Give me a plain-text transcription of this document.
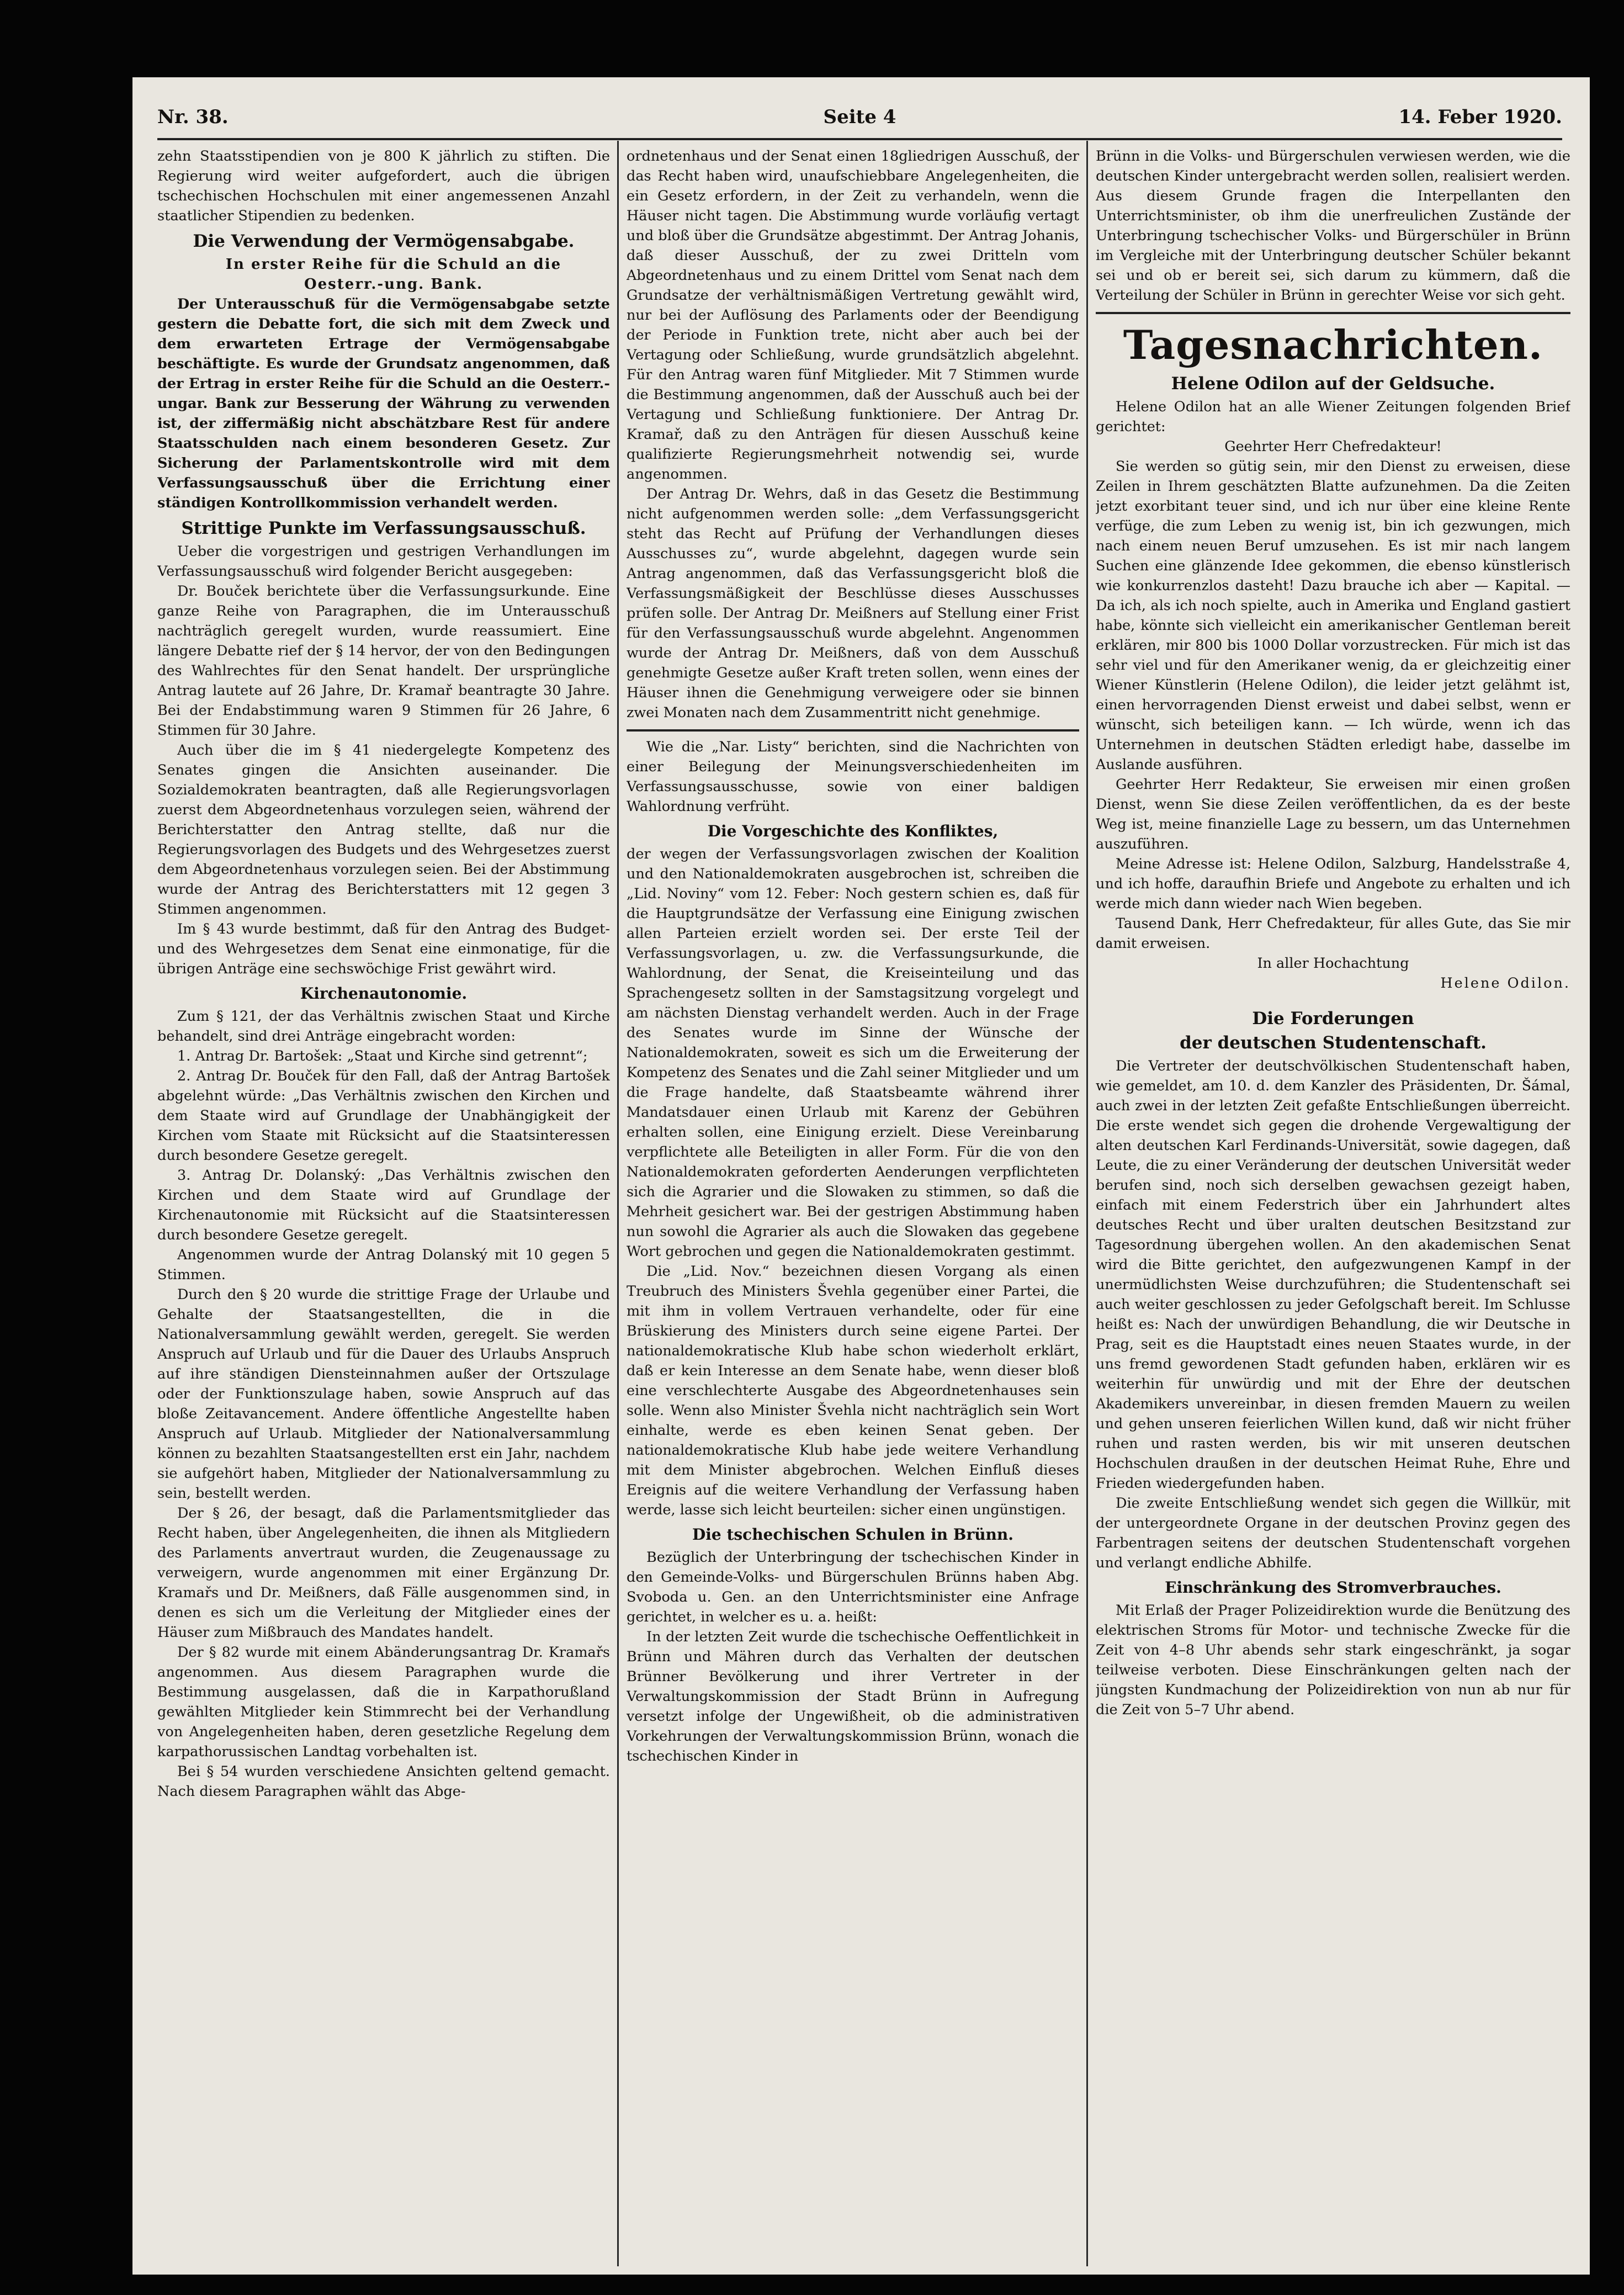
Nr. 38.	Seite 4	14. Feber 1920.

zehn Staatsstipendien von je 800 K jährlich zu stiften. Die Regierung wird weiter aufgefordert, auch die übrigen tschechischen Hochschulen mit einer angemessenen Anzahl staatlicher Stipendien zu bedenken.

Die Verwendung der Vermögensabgabe.

In erster Reihe für die Schuld an die

Oesterr.-ung. Bank.

Der Unterausschuß für die Vermögensabgabe setzte gestern die Debatte fort, die sich mit dem Zweck und dem erwarteten Ertrage der Vermögensabgabe beschäftigte. Es wurde der Grundsatz angenommen, daß der Ertrag in erster Reihe für die Schuld an die Oesterr.-ungar. Bank zur Besserung der Währung zu verwenden ist, der ziffermäßig nicht abschätzbare Rest für andere Staatsschulden nach einem besonderen Gesetz. Zur Sicherung der Parlamentskontrolle wird mit dem Verfassungsausschuß über die Errichtung einer ständigen Kontrollkommission verhandelt werden.

Strittige Punkte im Verfassungsausschuß.

Ueber die vorgestrigen und gestrigen Verhandlungen im Verfassungsausschuß wird folgender Bericht ausgegeben:

Dr. Bouček berichtete über die Verfassungsurkunde. Eine ganze Reihe von Paragraphen, die im Unterausschuß nachträglich geregelt wurden, wurde reassumiert. Eine längere Debatte rief der § 14 hervor, der von den Bedingungen des Wahlrechtes für den Senat handelt. Der ursprüngliche Antrag lautete auf 26 Jahre, Dr. Kramař beantragte 30 Jahre. Bei der Endabstimmung waren 9 Stimmen für 26 Jahre, 6 Stimmen für 30 Jahre.

Auch über die im § 41 niedergelegte Kompetenz des Senates gingen die Ansichten auseinander. Die Sozialdemokraten beantragten, daß alle Regierungsvorlagen zuerst dem Abgeordnetenhaus vorzulegen seien, während der Berichterstatter den Antrag stellte, daß nur die Regierungsvorlagen des Budgets und des Wehrgesetzes zuerst dem Abgeordnetenhaus vorzulegen seien. Bei der Abstimmung wurde der Antrag des Berichterstatters mit 12 gegen 3 Stimmen angenommen.

Im § 43 wurde bestimmt, daß für den Antrag des Budget- und des Wehrgesetzes dem Senat eine einmonatige, für die übrigen Anträge eine sechswöchige Frist gewährt wird.

Kirchenautonomie.

Zum § 121, der das Verhältnis zwischen Staat und Kirche behandelt, sind drei Anträge eingebracht worden:

1. Antrag Dr. Bartošek: „Staat und Kirche sind getrennt“;

2. Antrag Dr. Bouček für den Fall, daß der Antrag Bartošek abgelehnt würde: „Das Verhältnis zwischen den Kirchen und dem Staate wird auf Grundlage der Unabhängigkeit der Kirchen vom Staate mit Rücksicht auf die Staatsinteressen durch besondere Gesetze geregelt.

3. Antrag Dr. Dolanský: „Das Verhältnis zwischen den Kirchen und dem Staate wird auf Grundlage der Kirchenautonomie mit Rücksicht auf die Staatsinteressen durch besondere Gesetze geregelt.

Angenommen wurde der Antrag Dolanský mit 10 gegen 5 Stimmen.

Durch den § 20 wurde die strittige Frage der Urlaube und Gehalte der Staatsangestellten, die in die Nationalversammlung gewählt werden, geregelt. Sie werden Anspruch auf Urlaub und für die Dauer des Urlaubs Anspruch auf ihre ständigen Diensteinnahmen außer der Ortszulage oder der Funktionszulage haben, sowie Anspruch auf das bloße Zeitavancement. Andere öffentliche Angestellte haben Anspruch auf Urlaub. Mitglieder der Nationalversammlung können zu bezahlten Staatsangestellten erst ein Jahr, nachdem sie aufgehört haben, Mitglieder der Nationalversammlung zu sein, bestellt werden.

Der § 26, der besagt, daß die Parlamentsmitglieder das Recht haben, über Angelegenheiten, die ihnen als Mitgliedern des Parlaments anvertraut wurden, die Zeugenaussage zu verweigern, wurde angenommen mit einer Ergänzung Dr. Kramařs und Dr. Meißners, daß Fälle ausgenommen sind, in denen es sich um die Verleitung der Mitglieder eines der Häuser zum Mißbrauch des Mandates handelt.

Der § 82 wurde mit einem Abänderungsantrag Dr. Kramařs angenommen. Aus diesem Paragraphen wurde die Bestimmung ausgelassen, daß die in Karpathorußland gewählten Mitglieder kein Stimmrecht bei der Verhandlung von Angelegenheiten haben, deren gesetzliche Regelung dem karpathorussischen Landtag vorbehalten ist.

Bei § 54 wurden verschiedene Ansichten geltend gemacht. Nach diesem Paragraphen wählt das Abge-

ordnetenhaus und der Senat einen 18gliedrigen Ausschuß, der das Recht haben wird, unaufschiebbare Angelegenheiten, die ein Gesetz erfordern, in der Zeit zu verhandeln, wenn die Häuser nicht tagen. Die Abstimmung wurde vorläufig vertagt und bloß über die Grundsätze abgestimmt. Der Antrag Johanis, daß dieser Ausschuß, der zu zwei Dritteln vom Abgeordnetenhaus und zu einem Drittel vom Senat nach dem Grundsatze der verhältnismäßigen Vertretung gewählt wird, nur bei der Auflösung des Parlaments oder der Beendigung der Periode in Funktion trete, nicht aber auch bei der Vertagung oder Schließung, wurde grundsätzlich abgelehnt. Für den Antrag waren fünf Mitglieder. Mit 7 Stimmen wurde die Bestimmung angenommen, daß der Ausschuß auch bei der Vertagung und Schließung funktioniere. Der Antrag Dr. Kramař, daß zu den Anträgen für diesen Ausschuß keine qualifizierte Regierungsmehrheit notwendig sei, wurde angenommen.

Der Antrag Dr. Wehrs, daß in das Gesetz die Bestimmung nicht aufgenommen werden solle: „dem Verfassungsgericht steht das Recht auf Prüfung der Verhandlungen dieses Ausschusses zu“, wurde abgelehnt, dagegen wurde sein Antrag angenommen, daß das Verfassungsgericht bloß die Verfassungsmäßigkeit der Beschlüsse dieses Ausschusses prüfen solle. Der Antrag Dr. Meißners auf Stellung einer Frist für den Verfassungsausschuß wurde abgelehnt. Angenommen wurde der Antrag Dr. Meißners, daß von dem Ausschuß genehmigte Gesetze außer Kraft treten sollen, wenn eines der Häuser ihnen die Genehmigung verweigere oder sie binnen zwei Monaten nach dem Zusammentritt nicht genehmige.

Wie die „Nar. Listy“ berichten, sind die Nachrichten von einer Beilegung der Meinungsverschiedenheiten im Verfassungsausschusse, sowie von einer baldigen Wahlordnung verfrüht.

Die Vorgeschichte des Konfliktes,

der wegen der Verfassungsvorlagen zwischen der Koalition und den Nationaldemokraten ausgebrochen ist, schreiben die „Lid. Noviny“ vom 12. Feber: Noch gestern schien es, daß für die Hauptgrundsätze der Verfassung eine Einigung zwischen allen Parteien erzielt worden sei. Der erste Teil der Verfassungsvorlagen, u. zw. die Verfassungsurkunde, die Wahlordnung, der Senat, die Kreiseinteilung und das Sprachengesetz sollten in der Samstagsitzung vorgelegt und am nächsten Dienstag verhandelt werden. Auch in der Frage des Senates wurde im Sinne der Wünsche der Nationaldemokraten, soweit es sich um die Erweiterung der Kompetenz des Senates und die Zahl seiner Mitglieder und um die Frage handelte, daß Staatsbeamte während ihrer Mandatsdauer einen Urlaub mit Karenz der Gebühren erhalten sollen, eine Einigung erzielt. Diese Vereinbarung verpflichtete alle Beteiligten in aller Form. Für die von den Nationaldemokraten geforderten Aenderungen verpflichteten sich die Agrarier und die Slowaken zu stimmen, so daß die Mehrheit gesichert war. Bei der gestrigen Abstimmung haben nun sowohl die Agrarier als auch die Slowaken das gegebene Wort gebrochen und gegen die Nationaldemokraten gestimmt.

Die „Lid. Nov.“ bezeichnen diesen Vorgang als einen Treubruch des Ministers Švehla gegenüber einer Partei, die mit ihm in vollem Vertrauen verhandelte, oder für eine Brüskierung des Ministers durch seine eigene Partei. Der nationaldemokratische Klub habe schon wiederholt erklärt, daß er kein Interesse an dem Senate habe, wenn dieser bloß eine verschlechterte Ausgabe des Abgeordnetenhauses sein solle. Wenn also Minister Švehla nicht nachträglich sein Wort einhalte, werde es eben keinen Senat geben. Der nationaldemokratische Klub habe jede weitere Verhandlung mit dem Minister abgebrochen. Welchen Einfluß dieses Ereignis auf die weitere Verhandlung der Verfassung haben werde, lasse sich leicht beurteilen: sicher einen ungünstigen.

Die tschechischen Schulen in Brünn.

Bezüglich der Unterbringung der tschechischen Kinder in den Gemeinde-Volks- und Bürgerschulen Brünns haben Abg. Svoboda u. Gen. an den Unterrichtsminister eine Anfrage gerichtet, in welcher es u. a. heißt:

In der letzten Zeit wurde die tschechische Oeffentlichkeit in Brünn und Mähren durch das Verhalten der deutschen Brünner Bevölkerung und ihrer Vertreter in der Verwaltungskommission der Stadt Brünn in Aufregung versetzt infolge der Ungewißheit, ob die administrativen Vorkehrungen der Verwaltungskommission Brünn, wonach die tschechischen Kinder in

Brünn in die Volks- und Bürgerschulen verwiesen werden, wie die deutschen Kinder untergebracht werden sollen, realisiert werden. Aus diesem Grunde fragen die Interpellanten den Unterrichtsminister, ob ihm die unerfreulichen Zustände der Unterbringung tschechischer Volks- und Bürgerschüler in Brünn im Vergleiche mit der Unterbringung deutscher Schüler bekannt sei und ob er bereit sei, sich darum zu kümmern, daß die Verteilung der Schüler in Brünn in gerechter Weise vor sich geht.

Tagesnachrichten.
Helene Odilon auf der Geldsuche.

Helene Odilon hat an alle Wiener Zeitungen folgenden Brief gerichtet:

Geehrter Herr Chefredakteur!

Sie werden so gütig sein, mir den Dienst zu erweisen, diese Zeilen in Ihrem geschätzten Blatte aufzunehmen. Da die Zeiten jetzt exorbitant teuer sind, und ich nur über eine kleine Rente verfüge, die zum Leben zu wenig ist, bin ich gezwungen, mich nach einem neuen Beruf umzusehen. Es ist mir nach langem Suchen eine glänzende Idee gekommen, die ebenso künstlerisch wie konkurrenzlos dasteht! Dazu brauche ich aber — Kapital. — Da ich, als ich noch spielte, auch in Amerika und England gastiert habe, könnte sich vielleicht ein amerikanischer Gentleman bereit erklären, mir 800 bis 1000 Dollar vorzustrecken. Für mich ist das sehr viel und für den Amerikaner wenig, da er gleichzeitig einer Wiener Künstlerin (Helene Odilon), die leider jetzt gelähmt ist, einen hervorragenden Dienst erweist und dabei selbst, wenn er wünscht, sich beteiligen kann. — Ich würde, wenn ich das Unternehmen in deutschen Städten erledigt habe, dasselbe im Auslande ausführen.

Geehrter Herr Redakteur, Sie erweisen mir einen großen Dienst, wenn Sie diese Zeilen veröffentlichen, da es der beste Weg ist, meine finanzielle Lage zu bessern, um das Unternehmen auszuführen.

Meine Adresse ist: Helene Odilon, Salzburg, Handelsstraße 4, und ich hoffe, daraufhin Briefe und Angebote zu erhalten und ich werde mich dann wieder nach Wien begeben.

Tausend Dank, Herr Chefredakteur, für alles Gute, das Sie mir damit erweisen.

In aller Hochachtung

Helene Odilon.

Die Forderungen
der deutschen Studentenschaft.

Die Vertreter der deutschvölkischen Studentenschaft haben, wie gemeldet, am 10. d. dem Kanzler des Präsidenten, Dr. Šámal, auch zwei in der letzten Zeit gefaßte Entschließungen überreicht. Die erste wendet sich gegen die drohende Vergewaltigung der alten deutschen Karl Ferdinands-Universität, sowie dagegen, daß Leute, die zu einer Veränderung der deutschen Universität weder berufen sind, noch sich derselben gewachsen gezeigt haben, einfach mit einem Federstrich über ein Jahrhundert altes deutsches Recht und über uralten deutschen Besitzstand zur Tagesordnung übergehen wollen. An den akademischen Senat wird die Bitte gerichtet, den aufgezwungenen Kampf in der unermüdlichsten Weise durchzuführen; die Studentenschaft sei auch weiter geschlossen zu jeder Gefolgschaft bereit. Im Schlusse heißt es: Nach der unwürdigen Behandlung, die wir Deutsche in Prag, seit es die Hauptstadt eines neuen Staates wurde, in der uns fremd gewordenen Stadt gefunden haben, erklären wir es weiterhin für unwürdig und mit der Ehre der deutschen Akademikers unvereinbar, in diesen fremden Mauern zu weilen und gehen unseren feierlichen Willen kund, daß wir nicht früher ruhen und rasten werden, bis wir mit unseren deutschen Hochschulen draußen in der deutschen Heimat Ruhe, Ehre und Frieden wiedergefunden haben.

Die zweite Entschließung wendet sich gegen die Willkür, mit der untergeordnete Organe in der deutschen Provinz gegen des Farbentragen seitens der deutschen Studentenschaft vorgehen und verlangt endliche Abhilfe.

Einschränkung des Stromverbrauches.

Mit Erlaß der Prager Polizeidirektion wurde die Benützung des elektrischen Stroms für Motor- und technische Zwecke für die Zeit von 4–8 Uhr abends sehr stark eingeschränkt, ja sogar teilweise verboten. Diese Einschränkungen gelten nach der jüngsten Kundmachung der Polizeidirektion von nun ab nur für die Zeit von 5–7 Uhr abend.
